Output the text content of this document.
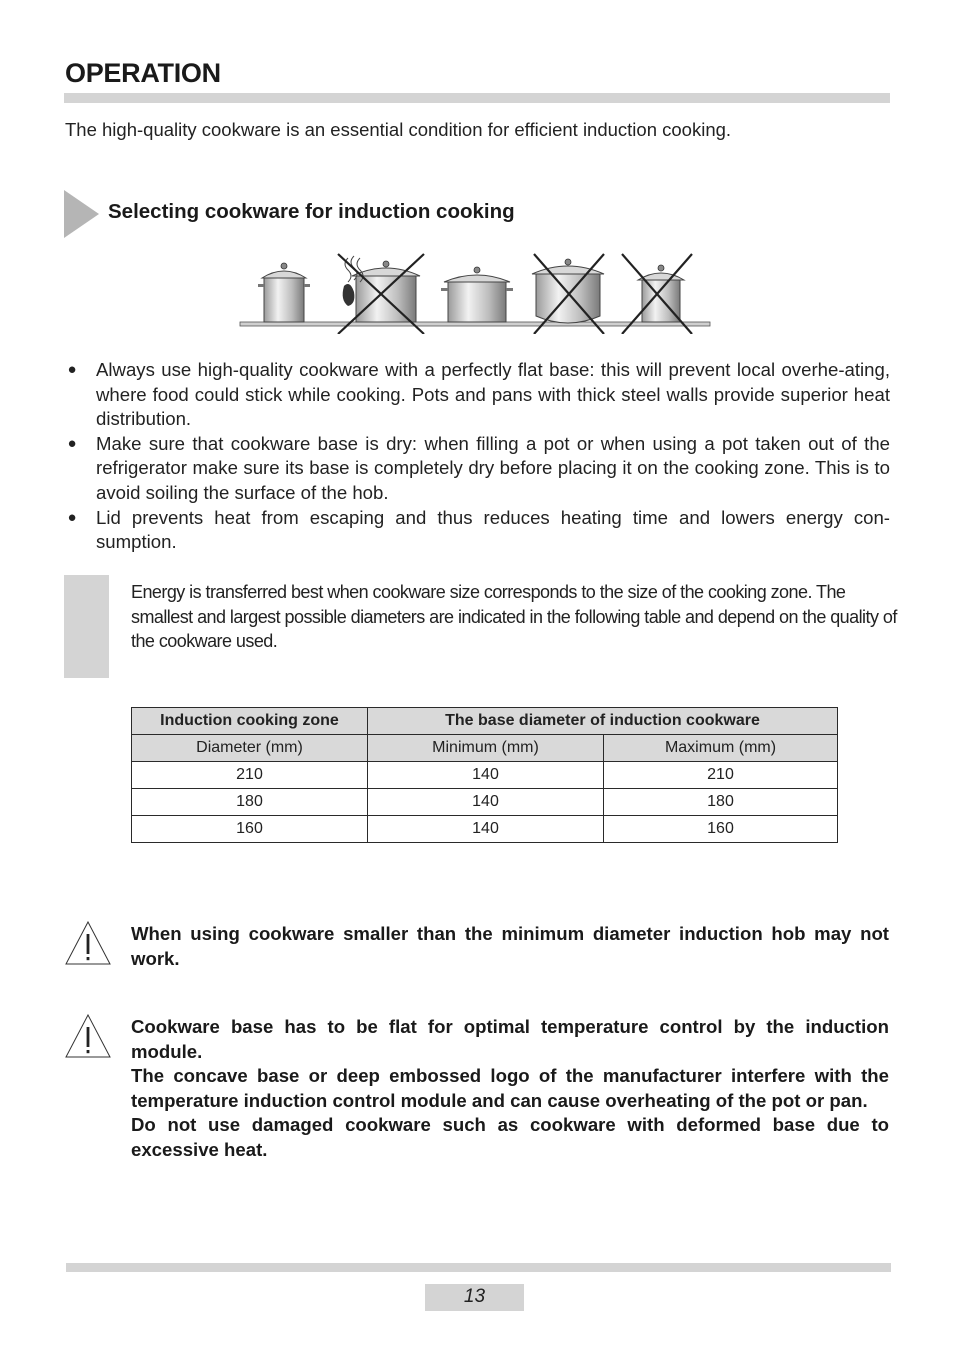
OPERATION
The high-quality cookware is an essential condition for efficient induction cooking.
Selecting cookware for induction cooking
● Always use high-quality cookware with a perfectly flat base: this will prevent local overhe-ating, where food could stick while cooking. Pots and pans with thick steel walls provide superior heat distribution.
● Make sure that cookware base is dry: when filling a pot or when using a pot taken out of the refrigerator make sure its base is completely dry before placing it on the cooking zone. This is to avoid soiling the surface of the hob.
● Lid prevents heat from escaping and thus reduces heating time and lowers energy con-sumption.
Energy is transferred best when cookware size corresponds to the size of the cooking zone. The smallest and largest possible diameters are indicated in the following table and depend on the quality of the cookware used.
Induction cooking zone	The base diameter of induction cookware	
Diameter (mm)	Minimum (mm)	Maximum (mm)
210	140	210
180	140	180
160	140	160

When using cookware smaller than the minimum diameter induction hob may not work.

Cookware base has to be flat for optimal temperature control by the induction module.

The concave base or deep embossed logo of the manufacturer interfere with the temperature induction control module and can cause overheating of the pot or pan.

Do not use damaged cookware such as cookware with deformed base due to excessive heat.

13
